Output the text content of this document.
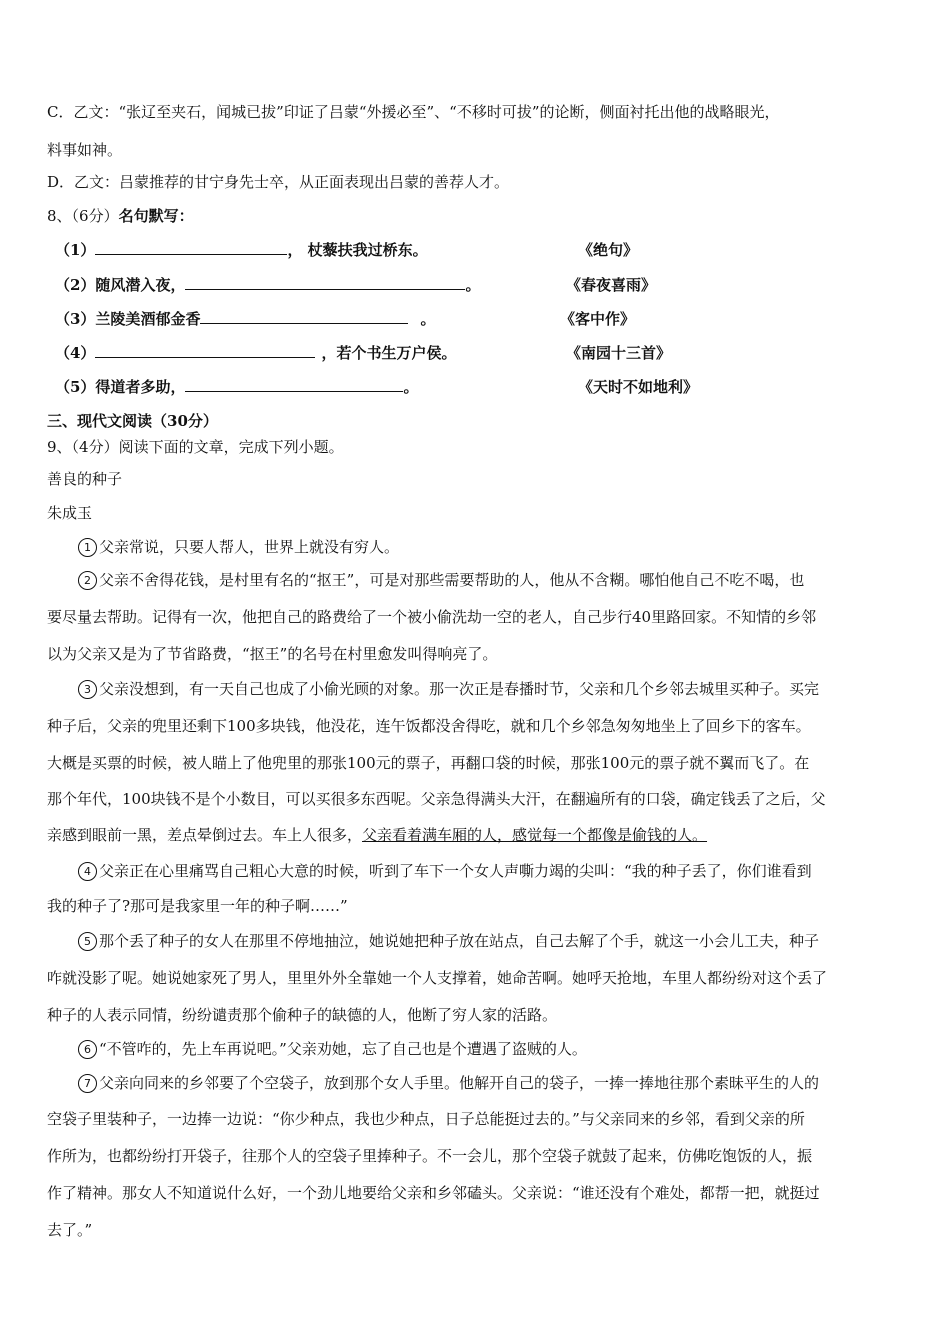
C．乙文：“张辽至夹石，闻城已拔”印证了吕蒙“外援必至”、“不移时可拔”的论断，侧面衬托出他的战略眼光，
料事如神。
D．乙文：吕蒙推荐的甘宁身先士卒，从正面表现出吕蒙的善荐人才。
8、（6分）名句默写：
（1）	， 杖藜扶我过桥东。	《绝句》
（2）随风潜入夜，	。	《春夜喜雨》
（3）兰陵美酒郁金香	。	《客中作》
（4）	，若个书生万户侯。	《南园十三首》
（5）得道者多助，	。	《天时不如地利》
三、现代文阅读（30分）
9、（4分）阅读下面的文章，完成下列小题。
善良的种子
朱成玉
1 父亲常说，只要人帮人，世界上就没有穷人。
2 父亲不舍得花钱，是村里有名的“抠王”，可是对那些需要帮助的人，他从不含糊。哪怕他自己不吃不喝，也
要尽量去帮助。记得有一次，他把自己的路费给了一个被小偷洗劫一空的老人，自己步行40里路回家。不知情的乡邻
以为父亲又是为了节省路费，“抠王”的名号在村里愈发叫得响亮了。
3 父亲没想到，有一天自己也成了小偷光顾的对象。那一次正是春播时节，父亲和几个乡邻去城里买种子。买完
种子后，父亲的兜里还剩下100多块钱，他没花，连午饭都没舍得吃，就和几个乡邻急匆匆地坐上了回乡下的客车。
大概是买票的时候，被人瞄上了他兜里的那张100元的票子，再翻口袋的时候，那张100元的票子就不翼而飞了。在
那个年代，100块钱不是个小数目，可以买很多东西呢。父亲急得满头大汗，在翻遍所有的口袋，确定钱丢了之后，父
亲感到眼前一黑，差点晕倒过去。车上人很多，父亲看着满车厢的人，感觉每一个都像是偷钱的人。
4 父亲正在心里痛骂自己粗心大意的时候，听到了车下一个女人声嘶力竭的尖叫：“我的种子丢了，你们谁看到
我的种子了?那可是我家里一年的种子啊……”
5 那个丢了种子的女人在那里不停地抽泣，她说她把种子放在站点，自己去解了个手，就这一小会儿工夫，种子
咋就没影了呢。她说她家死了男人，里里外外全靠她一个人支撑着，她命苦啊。她呼天抢地，车里人都纷纷对这个丢了
种子的人表示同情，纷纷谴责那个偷种子的缺德的人，他断了穷人家的活路。
6 “不管咋的，先上车再说吧。”父亲劝她，忘了自己也是个遭遇了盗贼的人。
7 父亲向同来的乡邻要了个空袋子，放到那个女人手里。他解开自己的袋子，一捧一捧地往那个素昧平生的人的
空袋子里装种子，一边捧一边说：“你少种点，我也少种点，日子总能挺过去的。”与父亲同来的乡邻，看到父亲的所
作所为，也都纷纷打开袋子，往那个人的空袋子里捧种子。不一会儿，那个空袋子就鼓了起来，仿佛吃饱饭的人，振
作了精神。那女人不知道说什么好，一个劲儿地要给父亲和乡邻磕头。父亲说：“谁还没有个难处，都帮一把，就挺过
去了。”
